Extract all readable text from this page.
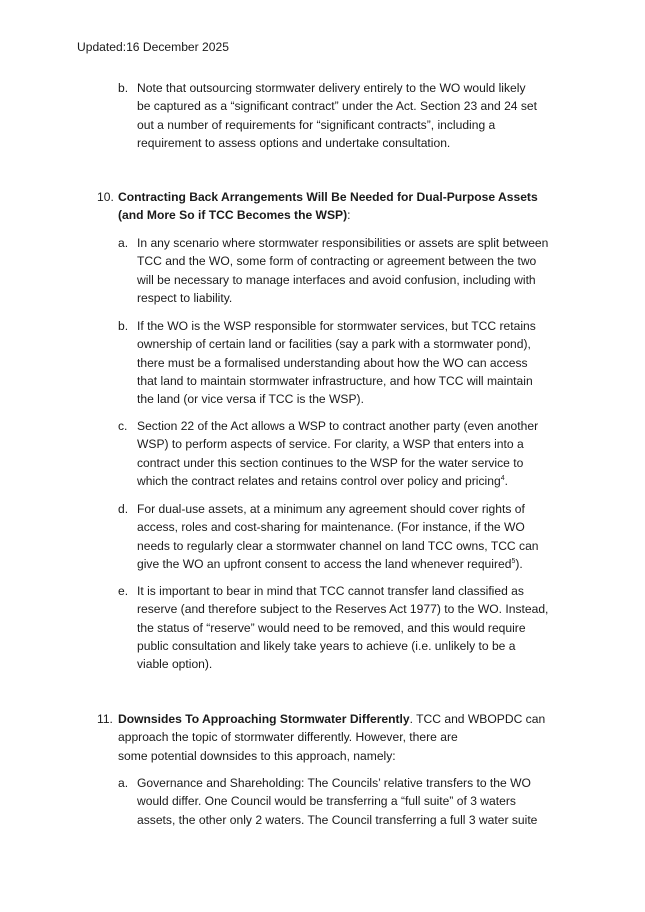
Updated:16 December 2025
b. Note that outsourcing stormwater delivery entirely to the WO would likely
be captured as a “significant contract” under the Act. Section 23 and 24 set
out a number of requirements for “significant contracts”, including a
requirement to assess options and undertake consultation.
10. Contracting Back Arrangements Will Be Needed for Dual-Purpose Assets
(and More So if TCC Becomes the WSP):
a. In any scenario where stormwater responsibilities or assets are split between
TCC and the WO, some form of contracting or agreement between the two
will be necessary to manage interfaces and avoid confusion, including with
respect to liability.
b. If the WO is the WSP responsible for stormwater services, but TCC retains
ownership of certain land or facilities (say a park with a stormwater pond),
there must be a formalised understanding about how the WO can access
that land to maintain stormwater infrastructure, and how TCC will maintain
the land (or vice versa if TCC is the WSP).
c. Section 22 of the Act allows a WSP to contract another party (even another
WSP) to perform aspects of service. For clarity, a WSP that enters into a
contract under this section continues to the WSP for the water service to
which the contract relates and retains control over policy and pricing$^4$.
d. For dual-use assets, at a minimum any agreement should cover rights of
access, roles and cost-sharing for maintenance. (For instance, if the WO
needs to regularly clear a stormwater channel on land TCC owns, TCC can
give the WO an upfront consent to access the land whenever required$^5$).
e. It is important to bear in mind that TCC cannot transfer land classified as
reserve (and therefore subject to the Reserves Act 1977) to the WO. Instead,
the status of “reserve” would need to be removed, and this would require
public consultation and likely take years to achieve (i.e. unlikely to be a
viable option).
11. Downsides To Approaching Stormwater Differently. TCC and WBOPDC can
approach the topic of stormwater differently. However, there are
some potential downsides to this approach, namely:
a. Governance and Shareholding: The Councils’ relative transfers to the WO
would differ. One Council would be transferring a “full suite” of 3 waters
assets, the other only 2 waters. The Council transferring a full 3 water suite
